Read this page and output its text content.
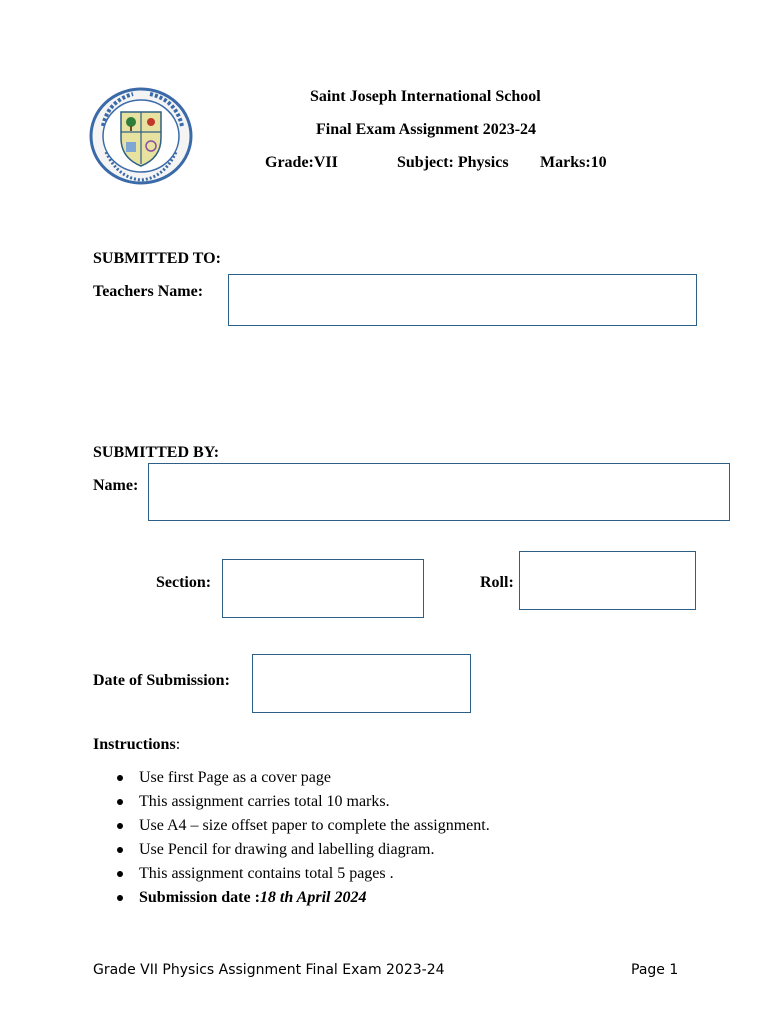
Saint Joseph International School
Final Exam Assignment 2023-24
Grade:VII	Subject: Physics Marks:10
SUBMITTED TO:
Teachers Name:
SUBMITTED BY:
Name:
Section:	Roll:
Date of Submission:
Instructions:
Use first Page as a cover page
This assignment carries total 10 marks.
Use A4 – size offset paper to complete the assignment.
Use Pencil for drawing and labelling diagram.
This assignment contains total 5 pages .
Submission date :18 th April 2024
Grade VII Physics Assignment Final Exam 2023-24	Page 1
